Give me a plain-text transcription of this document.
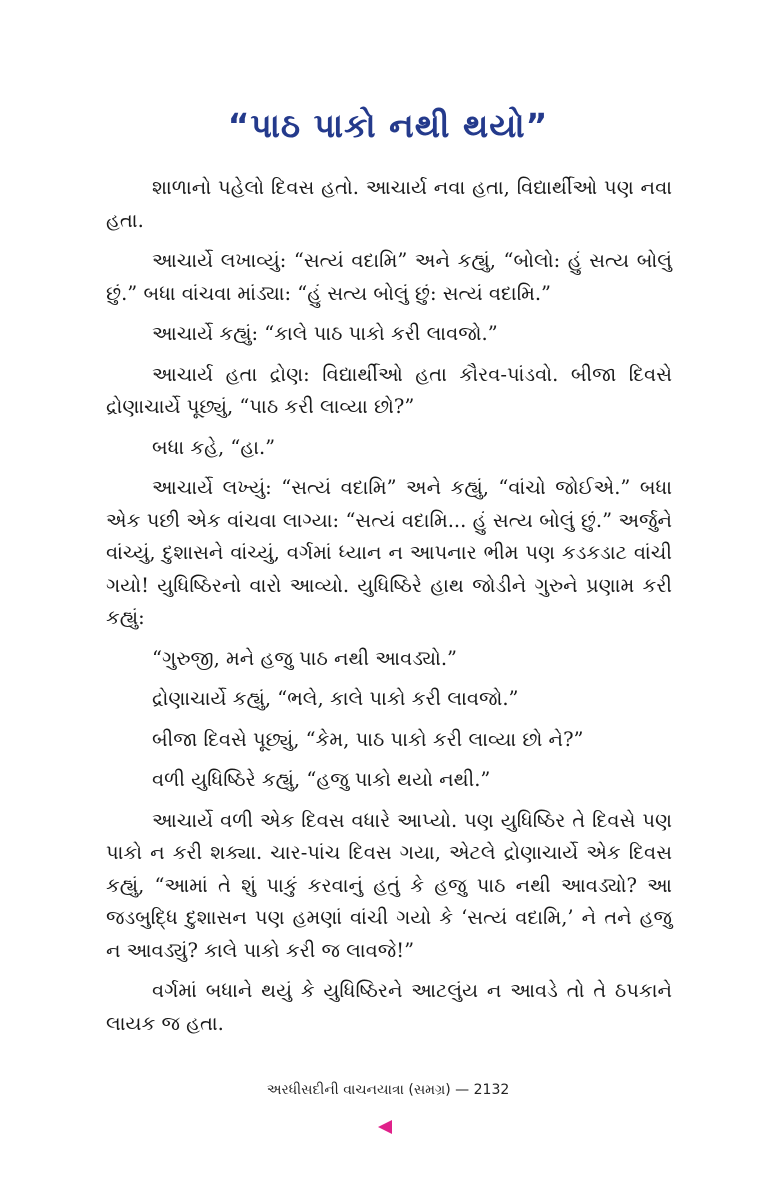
“પાઠ પાકો નથી થયો”

શાળાનો પહેલો દિવસ હતો. આચાર્ય નવા હતા, વિદ્યાર્થીઓ પણ નવા હતા.

આચાર્યે લખાવ્યું: “સત્યં વદામિ” અને કહ્યું, “બોલો: હું સત્ય બોલું છું.” બધા વાંચવા માંડ્યા: “હું સત્ય બોલું છું: સત્યં વદામિ.”

આચાર્યે કહ્યું: “કાલે પાઠ પાકો કરી લાવજો.”

આચાર્ય હતા દ્રોણ: વિદ્યાર્થીઓ હતા કૌરવ-પાંડવો. બીજા દિવસે દ્રોણાચાર્યે પૂછ્યું, “પાઠ કરી લાવ્યા છો?”

બધા કહે, “હા.”

આચાર્યે લખ્યું: “સત્યં વદામિ” અને કહ્યું, “વાંચો જોઈએ.” બધા એક પછી એક વાંચવા લાગ્યા: “સત્યં વદામિ... હું સત્ય બોલું છું.” અર્જુને વાંચ્યું, દુશાસને વાંચ્યું, વર્ગમાં ધ્યાન ન આપનાર ભીમ પણ કડકડાટ વાંચી ગયો! યુધિષ્ઠિરનો વારો આવ્યો. યુધિષ્ઠિરે હાથ જોડીને ગુરુને પ્રણામ કરી કહ્યું:

“ગુરુજી, મને હજુ પાઠ નથી આવડ્યો.”

દ્રોણાચાર્યે કહ્યું, “ભલે, કાલે પાકો કરી લાવજો.”

બીજા દિવસે પૂછ્યું, “કેમ, પાઠ પાકો કરી લાવ્યા છો ને?”

વળી યુધિષ્ઠિરે કહ્યું, “હજુ પાકો થયો નથી.”

આચાર્યે વળી એક દિવસ વધારે આપ્યો. પણ યુધિષ્ઠિર તે દિવસે પણ પાકો ન કરી શક્યા. ચાર-પાંચ દિવસ ગયા, એટલે દ્રોણાચાર્યે એક દિવસ કહ્યું, “આમાં તે શું પાકું કરવાનું હતું કે હજુ પાઠ નથી આવડ્યો? આ જડબુદ્ધિ દુશાસન પણ હમણાં વાંચી ગયો કે ‘સત્યં વદામિ,’ ને તને હજુ ન આવડ્યું? કાલે પાકો કરી જ લાવજે!”

વર્ગમાં બધાને થયું કે યુધિષ્ઠિરને આટલુંય ન આવડે તો તે ઠપકાને લાયક જ હતા.

અરધીસદીની વાચનયાત્રા (સમગ્ર) — 2132
